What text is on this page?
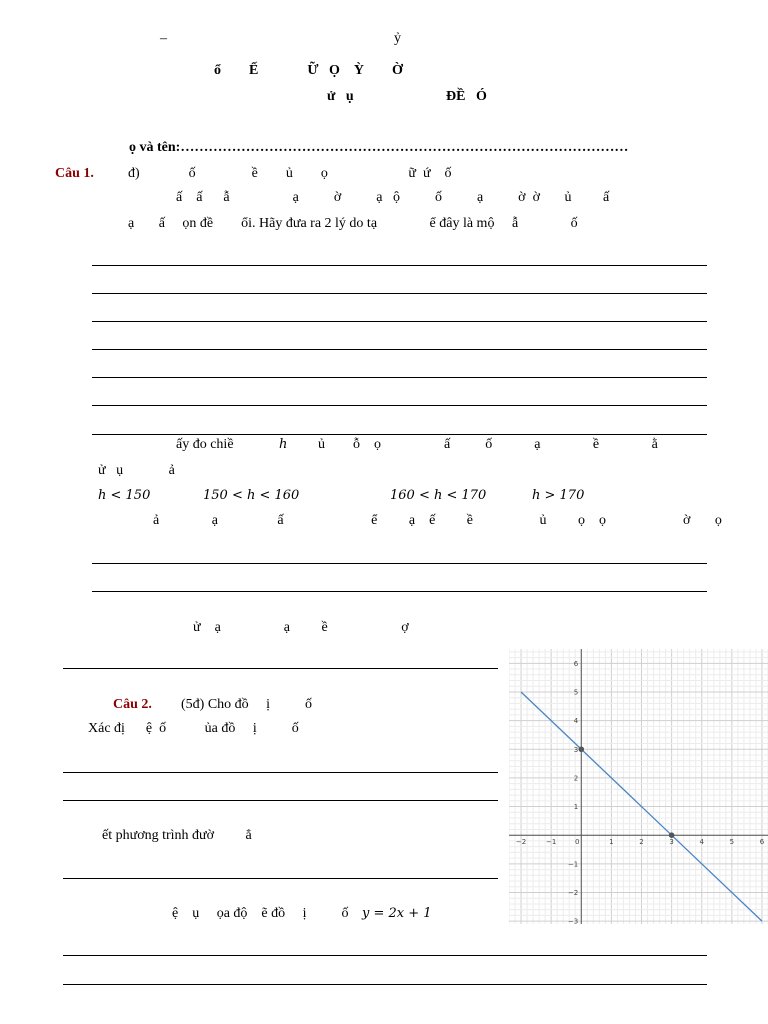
–	ỷ
ổ        Ế              Ữ   Ọ    Ỳ        Ờ
ử   ụ	ĐỀ   Ó
ọ và tên:……………………………………………………………………………………
Câu 1. đ)              ố                ề        ủ        ọ                       ữ  ứ    ố
ấ    ấ      ẫ                  ạ          ờ          ạ   ộ          ố          ạ          ờ  ờ       ủ         ấ
ạ       ấ     ọn đề        ổi. Hãy đưa ra 2 lý do tạ               ể đây là mộ     ẫ               ố
ấy đo chiề	h ủ        ỗ    ọ                  ấ          ố            ạ               ề               ằ
ử   ụ             ả
h < 150	150 < h < 160	160 < h < 170	h > 170
ả               ạ                 ấ                         ể         ạ    ế         ề                   ủ         ọ    ọ                      ờ       ọ
ử    ạ                  ạ         ề                     ợ
Câu 2. (5đ) Cho đồ     ị          ố
Xác đị      ệ  ố           ủa đồ     ị          ố
ết phương trình đườ         ẳ
ệ    ụ     ọa độ    ẽ đồ     ị          ố y = 2x + 1
−2	−1	0	1	2	3	4	5	6
6
5
4
3
2
1
−1
−2
−3
